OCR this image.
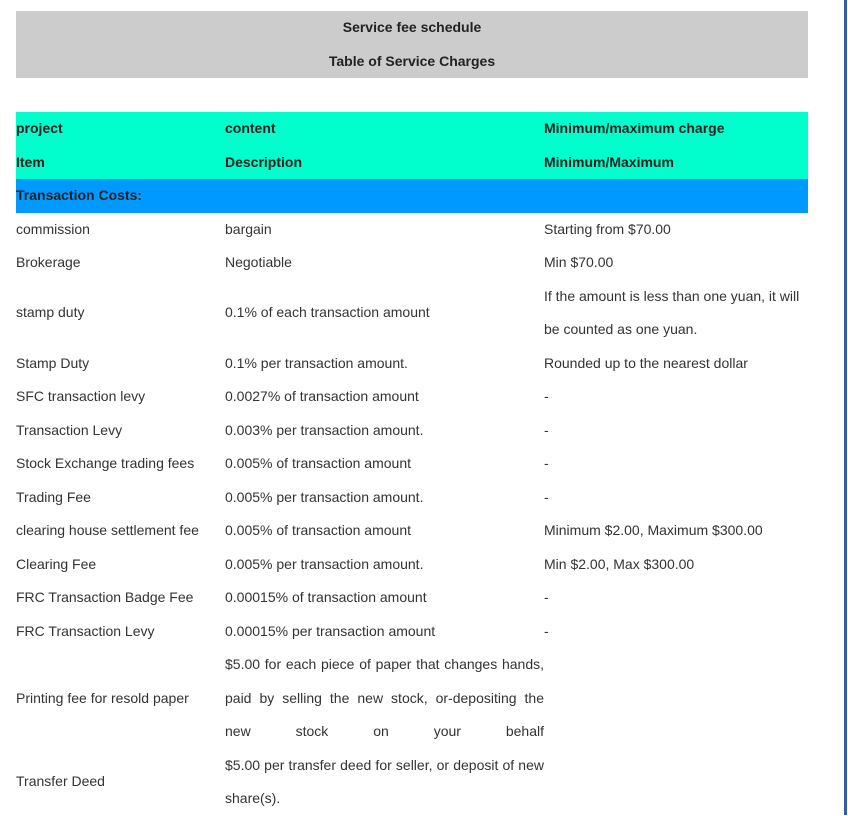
Service fee schedule
Table of Service Charges
project	content	Minimum/maximum charge
Item	Description	Minimum/Maximum
Transaction Costs:		
commission	bargain	Starting from $70.00
Brokerage	Negotiable	Min $70.00
stamp duty	0.1% of each transaction amount	If the amount is less than one yuan, it will be counted as one yuan.
Stamp Duty	0.1% per transaction amount.	Rounded up to the nearest dollar
SFC transaction levy	0.0027% of transaction amount	-
Transaction Levy	0.003% per transaction amount.	-
Stock Exchange trading fees	0.005% of transaction amount	-
Trading Fee	0.005% per transaction amount.	-
clearing house settlement fee	0.005% of transaction amount	Minimum $2.00, Maximum $300.00
Clearing Fee	0.005% per transaction amount.	Min $2.00, Max $300.00
FRC Transaction Badge Fee	0.00015% of transaction amount	-
FRC Transaction Levy	0.00015% per transaction amount	-
Printing fee for resold paper	$5.00 for each piece of paper that changes hands, paid by selling the new stock, or-depositing the new stock on your behalf	
Transfer Deed	$5.00 per transfer deed for seller, or deposit of new share(s).	
